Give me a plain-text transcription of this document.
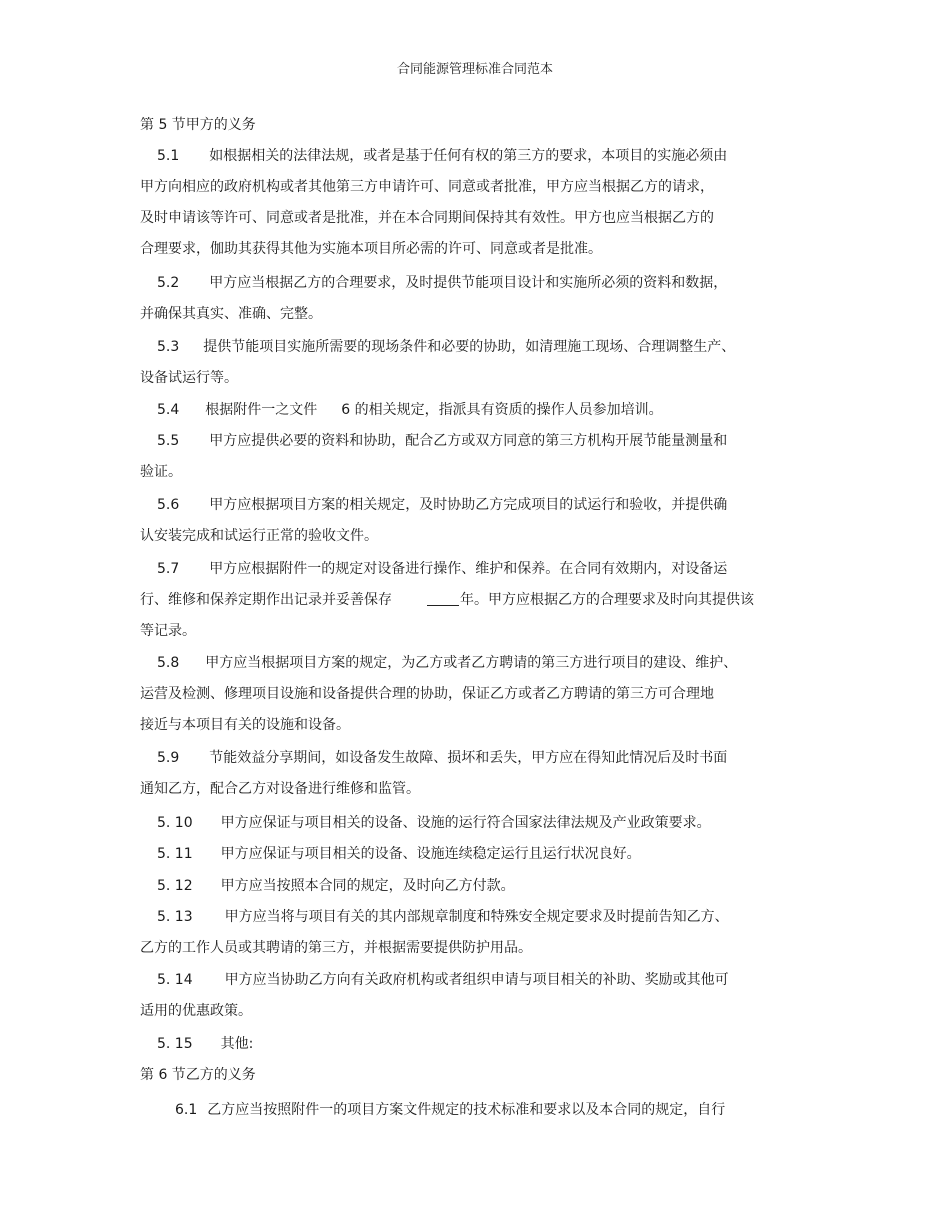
合同能源管理标准合同范本
第 5 节甲方的义务
5.1 如根据相关的法律法规，或者是基于任何有权的第三方的要求，本项目的实施必须由
甲方向相应的政府机构或者其他第三方申请许可、同意或者批准，甲方应当根据乙方的请求，
及时申请该等许可、同意或者是批准，并在本合同期间保持其有效性。甲方也应当根据乙方的
合理要求，伽助其获得其他为实施本项目所必需的许可、同意或者是批准。
5.2 甲方应当根据乙方的合理要求，及时提供节能项目设计和实施所必须的资料和数据，
并确保其真实、准确、完整。
5.3 提供节能项目实施所需要的现场条件和必要的协助，如清理施工现场、合理调整生产、
设备试运行等。
5.4 根据附件一之文件 6 的相关规定，指派具有资质的操作人员参加培训。
5.5 甲方应提供必要的资料和协助，配合乙方或双方同意的第三方机构开展节能量测量和
验证。
5.6 甲方应根据项目方案的相关规定，及时协助乙方完成项目的试运行和验收，并提供确
认安装完成和试运行正常的验收文件。
5.7 甲方应根据附件一的规定对设备进行操作、维护和保养。在合同有效期内，对设备运
行、维修和保养定期作出记录并妥善保存	年。甲方应根据乙方的合理要求及时向其提供该
等记录。
5.8 甲方应当根据项目方案的规定，为乙方或者乙方聘请的第三方进行项目的建设、维护、
运营及检测、修理项目设施和设备提供合理的协助，保证乙方或者乙方聘请的第三方可合理地
接近与本项目有关的设施和设备。
5.9 节能效益分享期间，如设备发生故障、损坏和丢失，甲方应在得知此情况后及时书面
通知乙方，配合乙方对设备进行维修和监管。
5. 10 甲方应保证与项目相关的设备、设施的运行符合国家法律法规及产业政策要求。
5. 11 甲方应保证与项目相关的设备、设施连续稳定运行且运行状况良好。
5. 12 甲方应当按照本合同的规定，及时向乙方付款。
5. 13 甲方应当将与项目有关的其内部规章制度和特殊安全规定要求及时提前告知乙方、
乙方的工作人员或其聘请的第三方，并根据需要提供防护用品。
5. 14 甲方应当协助乙方向有关政府机构或者组织申请与项目相关的补助、奖励或其他可
适用的优惠政策。
5. 15 其他:
第 6 节乙方的义务
6.1 乙方应当按照附件一的项目方案文件规定的技术标准和要求以及本合同的规定，自行
